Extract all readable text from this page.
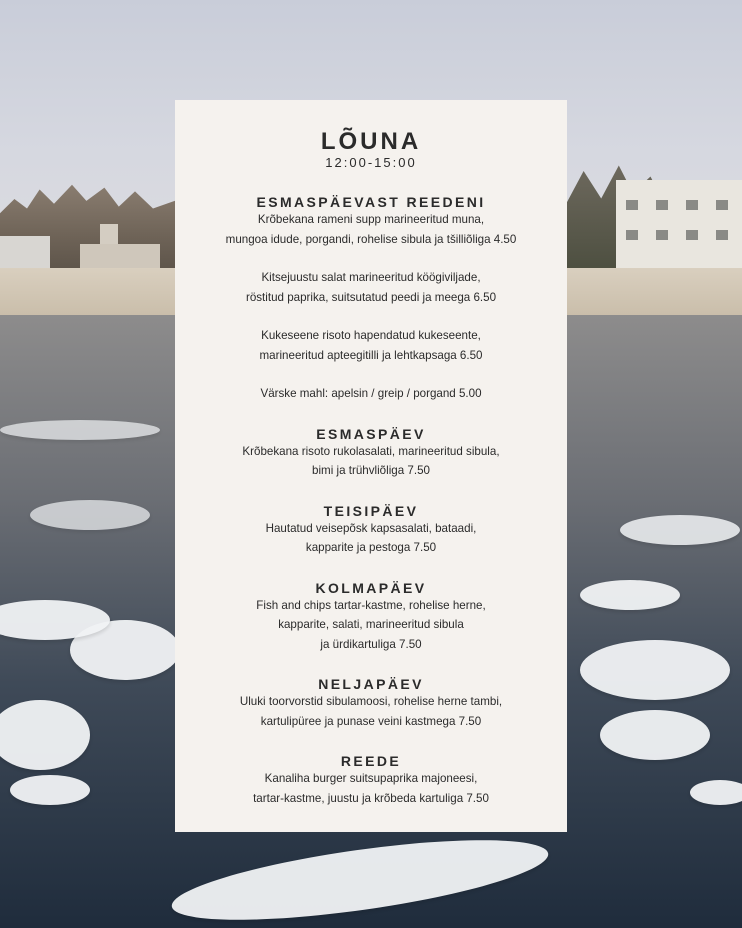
LÕUNA

12:00-15:00

ESMASPÄEVAST REEDENI

Krõbekana rameni supp marineeritud muna,
mungoa idude, porgandi, rohelise sibula ja tšilliõliga 4.50

Kitsejuustu salat marineeritud köögiviljade,
röstitud paprika, suitsutatud peedi ja meega 6.50

Kukeseene risoto hapendatud kukeseente,
marineeritud apteegitilli ja lehtkapsaga 6.50

Värske mahl: apelsin / greip / porgand 5.00

ESMASPÄEV

Krõbekana risoto rukolasalati, marineeritud sibula,
bimi ja trühvliõliga 7.50

TEISIPÄEV

Hautatud veisepõsk kapsasalati, bataadi,
kapparite ja pestoga 7.50

KOLMAPÄEV

Fish and chips tartar-kastme, rohelise herne,
kapparite, salati, marineeritud sibula
ja ürdikartuliga 7.50

NELJAPÄEV

Uluki toorvorstid sibulamoosi, rohelise herne tambi,
kartulipüree ja punase veini kastmega 7.50

REEDE

Kanaliha burger suitsupaprika majoneesi,
tartar-kastme, juustu ja krõbeda kartuliga 7.50
